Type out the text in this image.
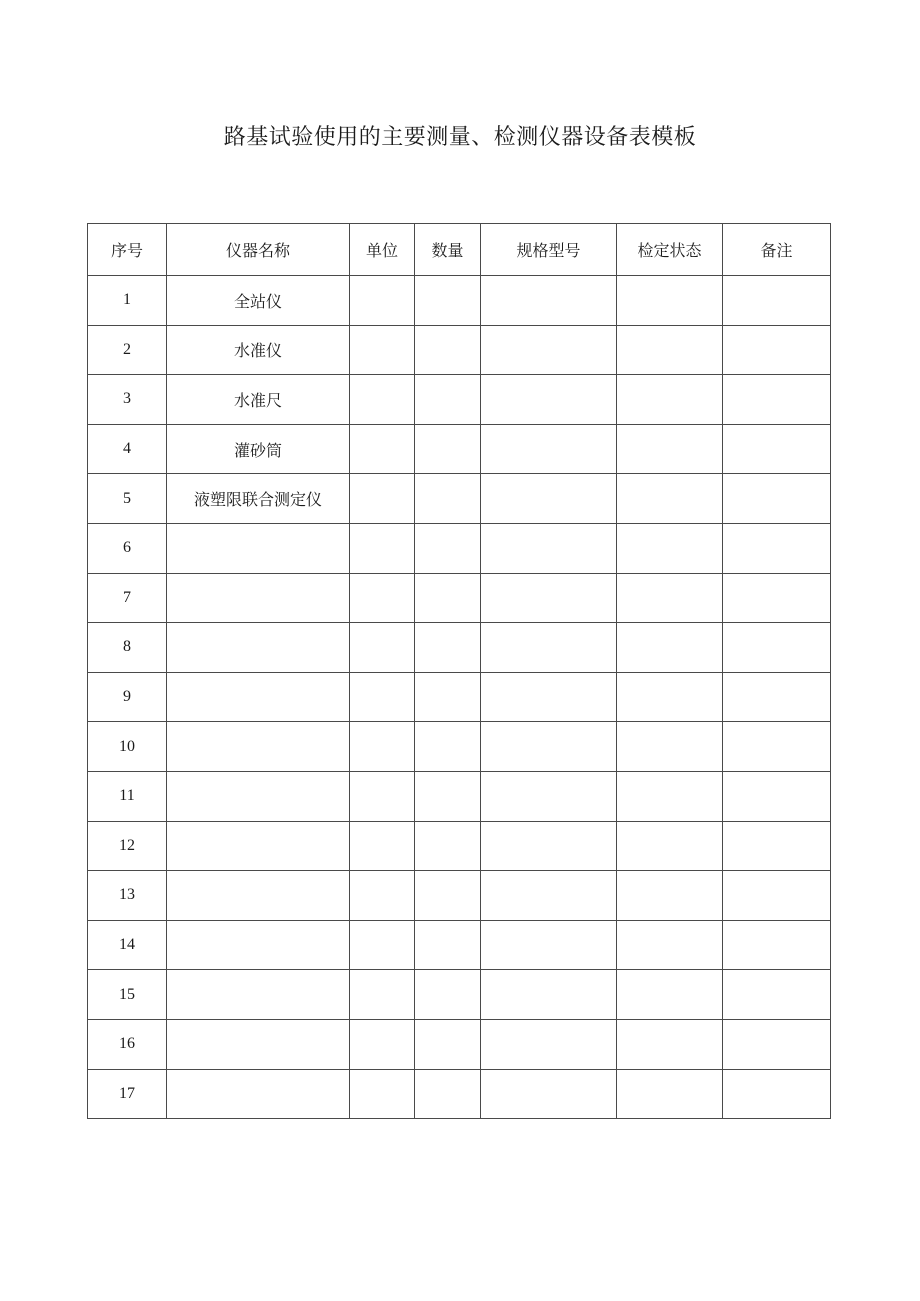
路基试验使用的主要测量、检测仪器设备表模板
序号	仪器名称	单位	数量	规格型号	检定状态	备注
1	全站仪					
2	水准仪					
3	水准尺					
4	灌砂筒					
5	液塑限联合测定仪					
6						
7						
8						
9						
10						
11						
12						
13						
14						
15						
16						
17						
